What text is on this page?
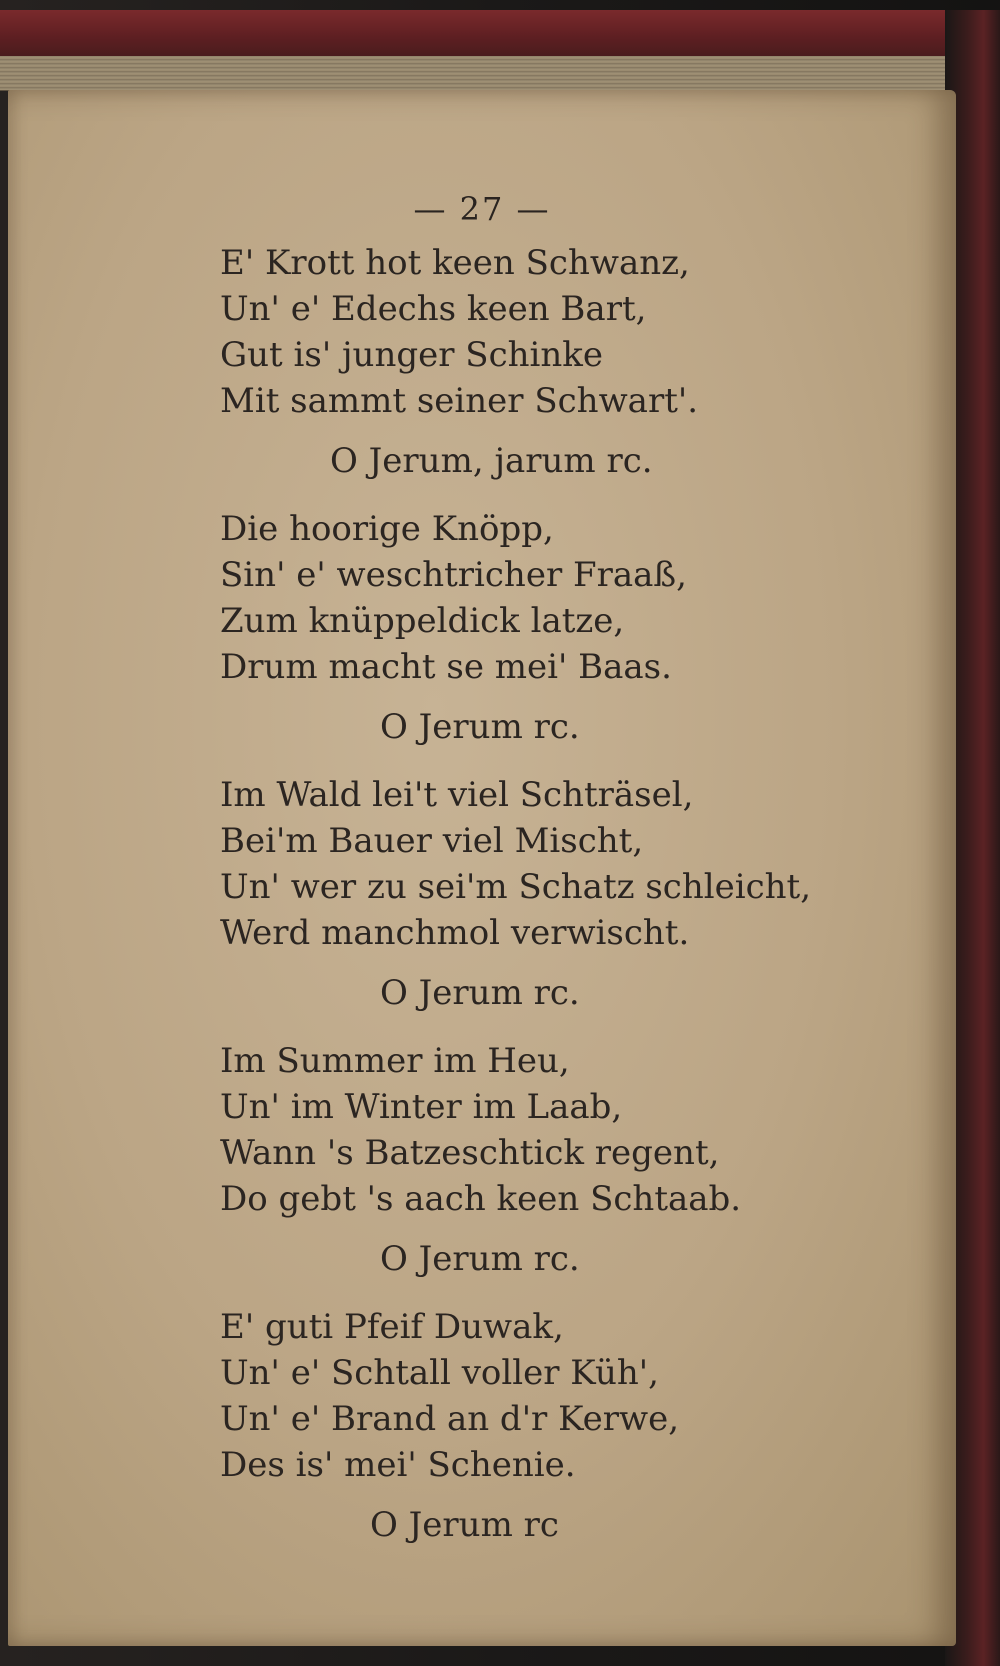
— 27 —
E' Krott hot keen Schwanz,
Un' e' Edechs keen Bart,
Gut is' junger Schinke
Mit sammt seiner Schwart'.
O Jerum, jarum rc.
Die hoorige Knöpp,
Sin' e' weschtricher Fraaß,
Zum knüppeldick latze,
Drum macht se mei' Baas.
O Jerum rc.
Im Wald lei't viel Schträsel,
Bei'm Bauer viel Mischt,
Un' wer zu sei'm Schatz schleicht,
Werd manchmol verwischt.
O Jerum rc.
Im Summer im Heu,
Un' im Winter im Laab,
Wann 's Batzeschtick regent,
Do gebt 's aach keen Schtaab.
O Jerum rc.
E' guti Pfeif Duwak,
Un' e' Schtall voller Küh',
Un' e' Brand an d'r Kerwe,
Des is' mei' Schenie.
O Jerum rc
